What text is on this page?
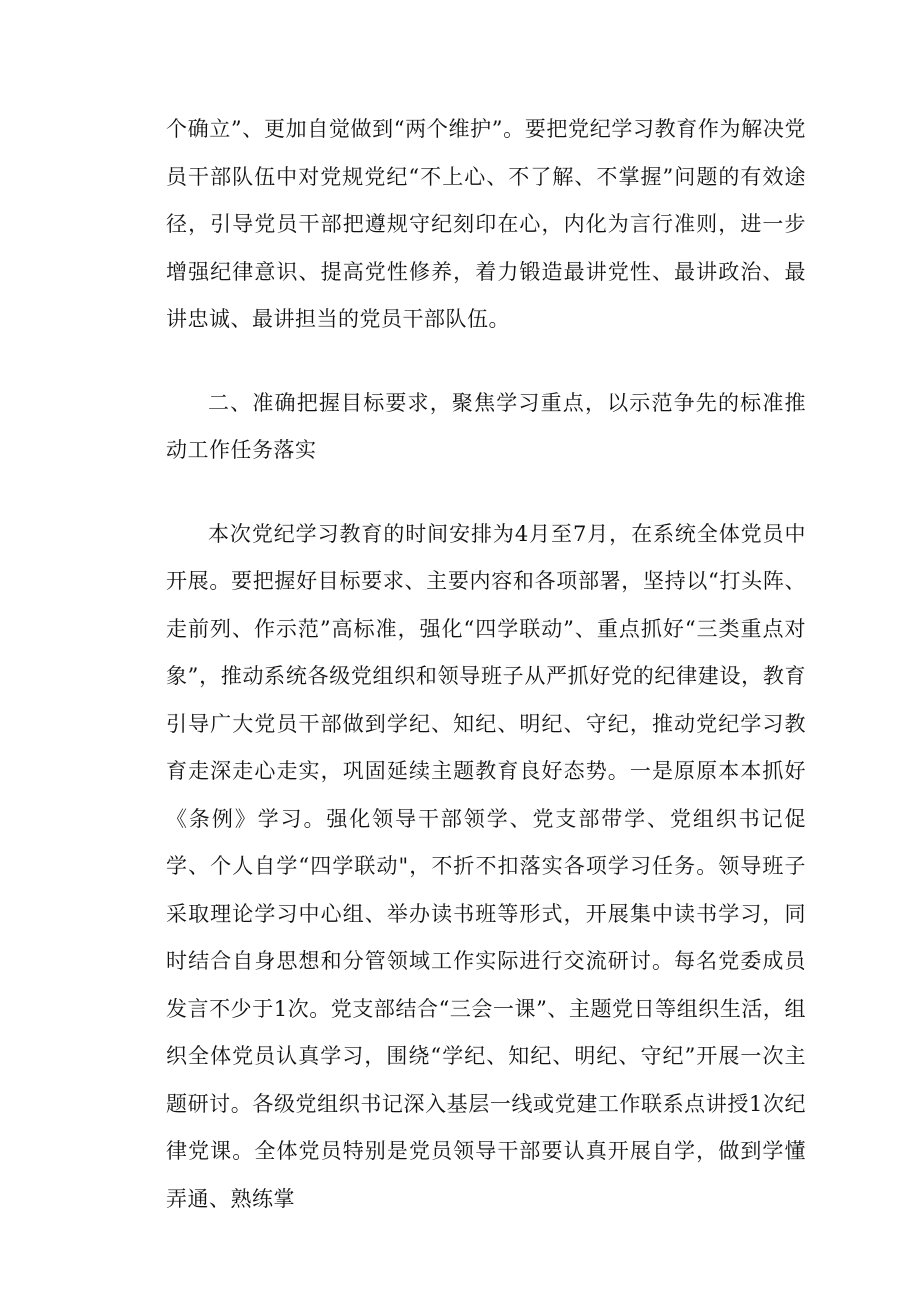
个确立”、更加自觉做到“两个维护”。要把党纪学习教育作为解决党员干部队伍中对党规党纪“不上心、不了解、不掌握”问题的有效途径，引导党员干部把遵规守纪刻印在心，内化为言行准则，进一步增强纪律意识、提高党性修养，着力锻造最讲党性、最讲政治、最讲忠诚、最讲担当的党员干部队伍。

二、准确把握目标要求，聚焦学习重点，以示范争先的标准推动工作任务落实

本次党纪学习教育的时间安排为4月至7月，在系统全体党员中开展。要把握好目标要求、主要内容和各项部署，坚持以“打头阵、走前列、作示范”高标准，强化“四学联动”、重点抓好“三类重点对象”，推动系统各级党组织和领导班子从严抓好党的纪律建设，教育引导广大党员干部做到学纪、知纪、明纪、守纪，推动党纪学习教育走深走心走实，巩固延续主题教育良好态势。一是原原本本抓好《条例》学习。强化领导干部领学、党支部带学、党组织书记促学、个人自学“四学联动"，不折不扣落实各项学习任务。领导班子采取理论学习中心组、举办读书班等形式，开展集中读书学习，同时结合自身思想和分管领域工作实际进行交流研讨。每名党委成员发言不少于1次。党支部结合“三会一课”、主题党日等组织生活，组织全体党员认真学习，围绕“学纪、知纪、明纪、守纪”开展一次主题研讨。各级党组织书记深入基层一线或党建工作联系点讲授1次纪律党课。全体党员特别是党员领导干部要认真开展自学，做到学懂弄通、熟练掌
